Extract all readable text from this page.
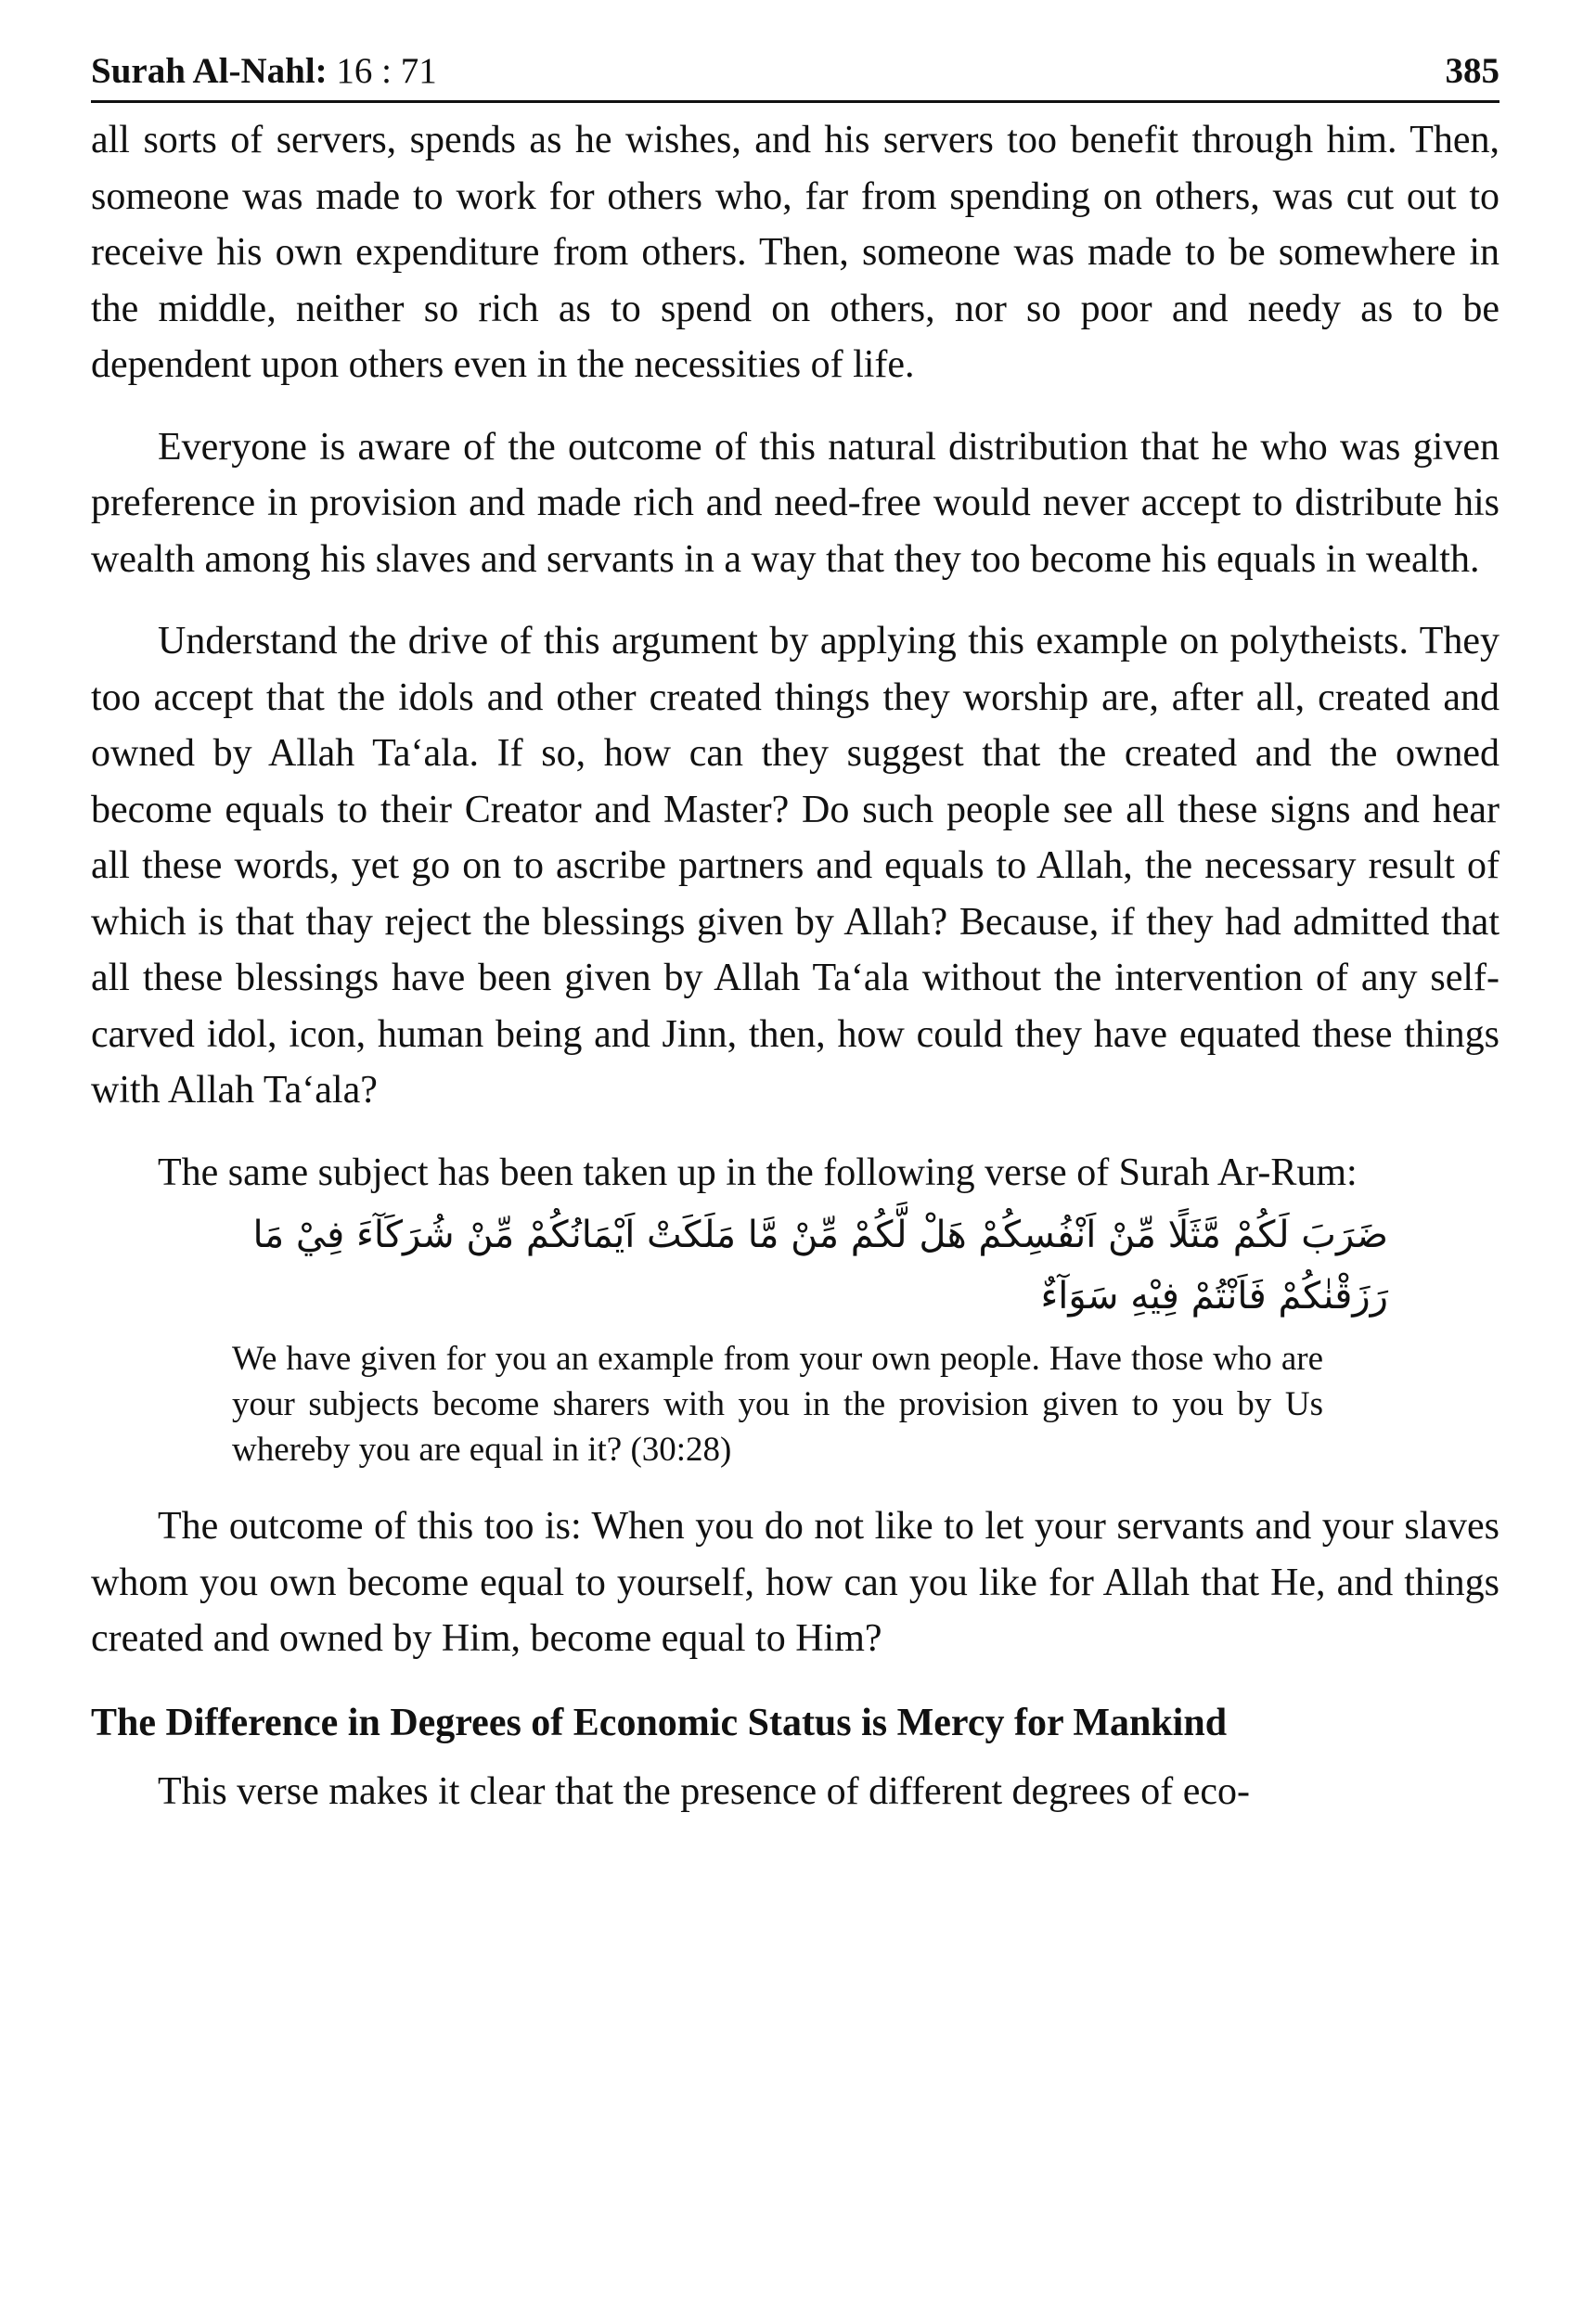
Surah Al-Nahl: 16 : 71	385

all sorts of servers, spends as he wishes, and his servers too benefit through him. Then, someone was made to work for others who, far from spending on others, was cut out to receive his own expenditure from others. Then, someone was made to be somewhere in the middle, neither so rich as to spend on others, nor so poor and needy as to be dependent upon others even in the necessities of life.

Everyone is aware of the outcome of this natural distribution that he who was given preference in provision and made rich and need-free would never accept to distribute his wealth among his slaves and servants in a way that they too become his equals in wealth.

Understand the drive of this argument by applying this example on polytheists. They too accept that the idols and other created things they worship are, after all, created and owned by Allah Ta‘ala. If so, how can they suggest that the created and the owned become equals to their Creator and Master? Do such people see all these signs and hear all these words, yet go on to ascribe partners and equals to Allah, the necessary result of which is that thay reject the blessings given by Allah? Because, if they had admitted that all these blessings have been given by Allah Ta‘ala without the intervention of any self-carved idol, icon, human being and Jinn, then, how could they have equated these things with Allah Ta‘ala?

The same subject has been taken up in the following verse of Surah Ar-Rum:

ضَرَبَ لَكُمْ مَّثَلًا مِّنْ اَنْفُسِكُمْ هَلْ لَّكُمْ مِّنْ مَّا مَلَكَتْ اَيْمَانُكُمْ مِّنْ شُرَكَآءَ فِيْ مَا رَزَقْنٰكُمْ فَاَنْتُمْ فِيْهِ سَوَآءٌ
We have given for you an example from your own people. Have those who are your subjects become sharers with you in the provision given to you by Us whereby you are equal in it? (30:28)

The outcome of this too is: When you do not like to let your servants and your slaves whom you own become equal to yourself, how can you like for Allah that He, and things created and owned by Him, become equal to Him?

The Difference in Degrees of Economic Status is Mercy for Mankind

This verse makes it clear that the presence of different degrees of eco-
